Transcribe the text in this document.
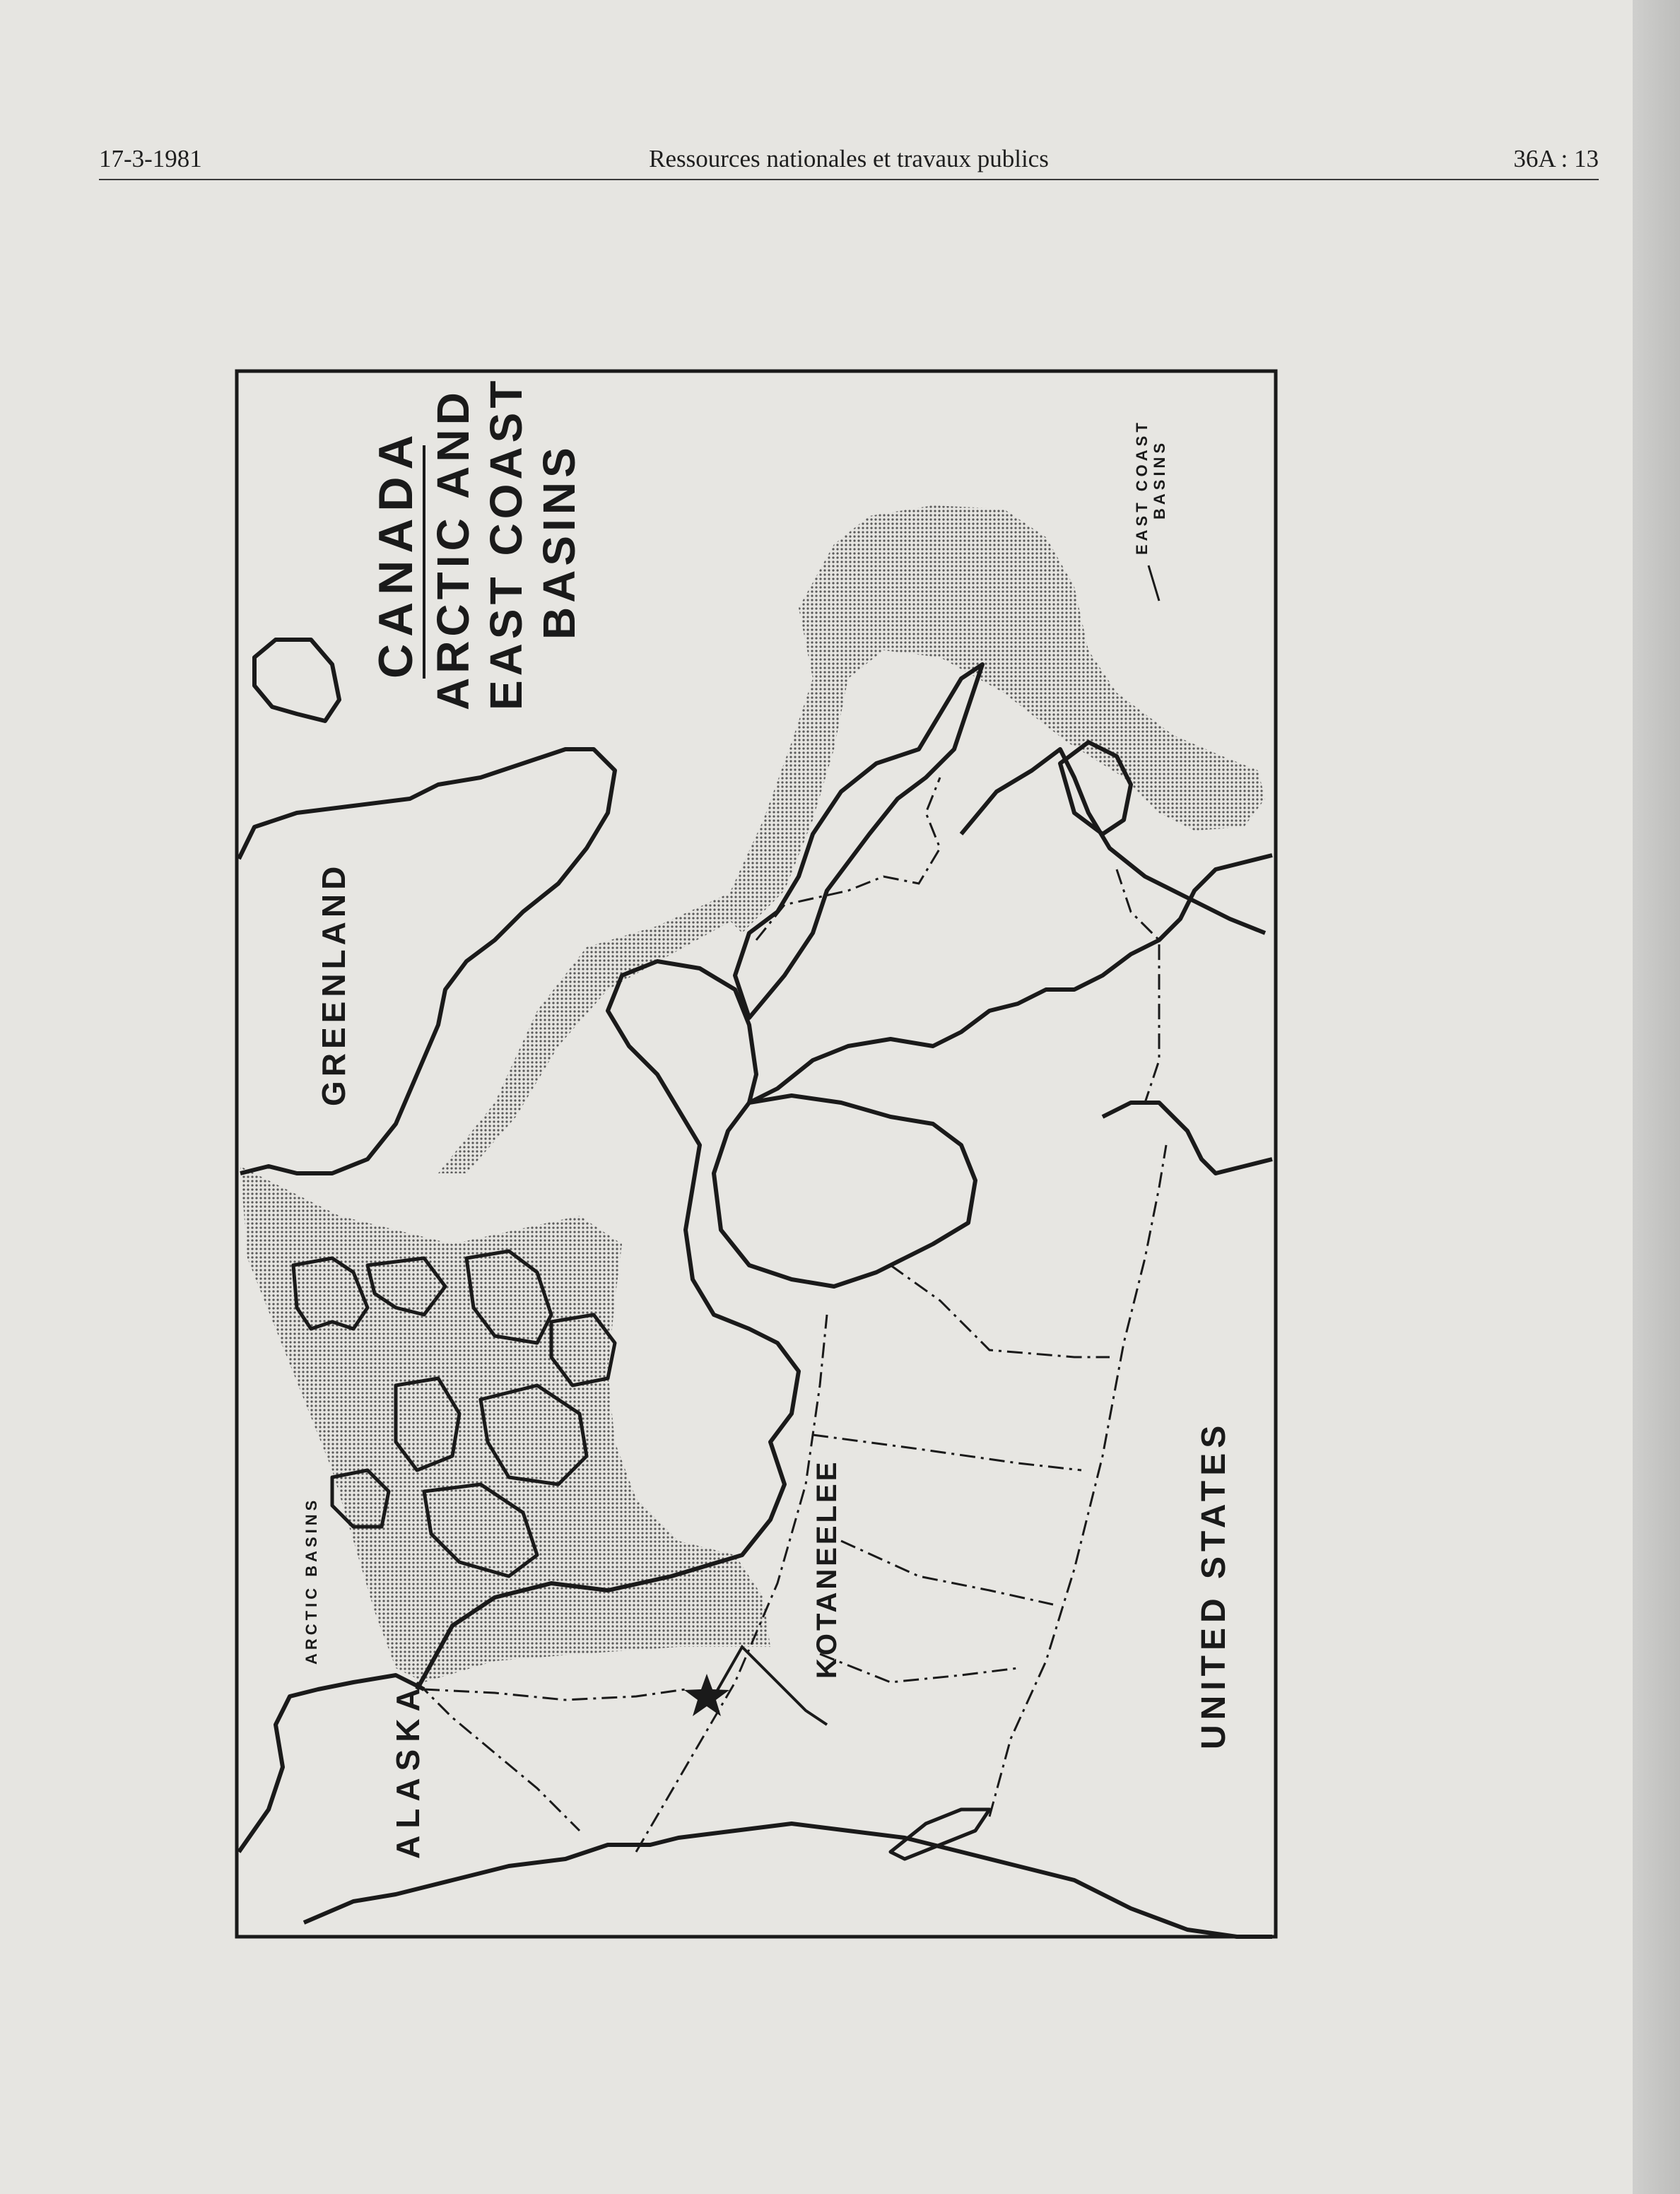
17-3-1981	Ressources nationales et travaux publics	36A : 13
CANADA ARCTIC AND EAST COAST BASINS
GREENLAND
ALASKA
UNITED STATES
ARCTIC BASINS
EAST COAST BASINS
KOTANEELEE
